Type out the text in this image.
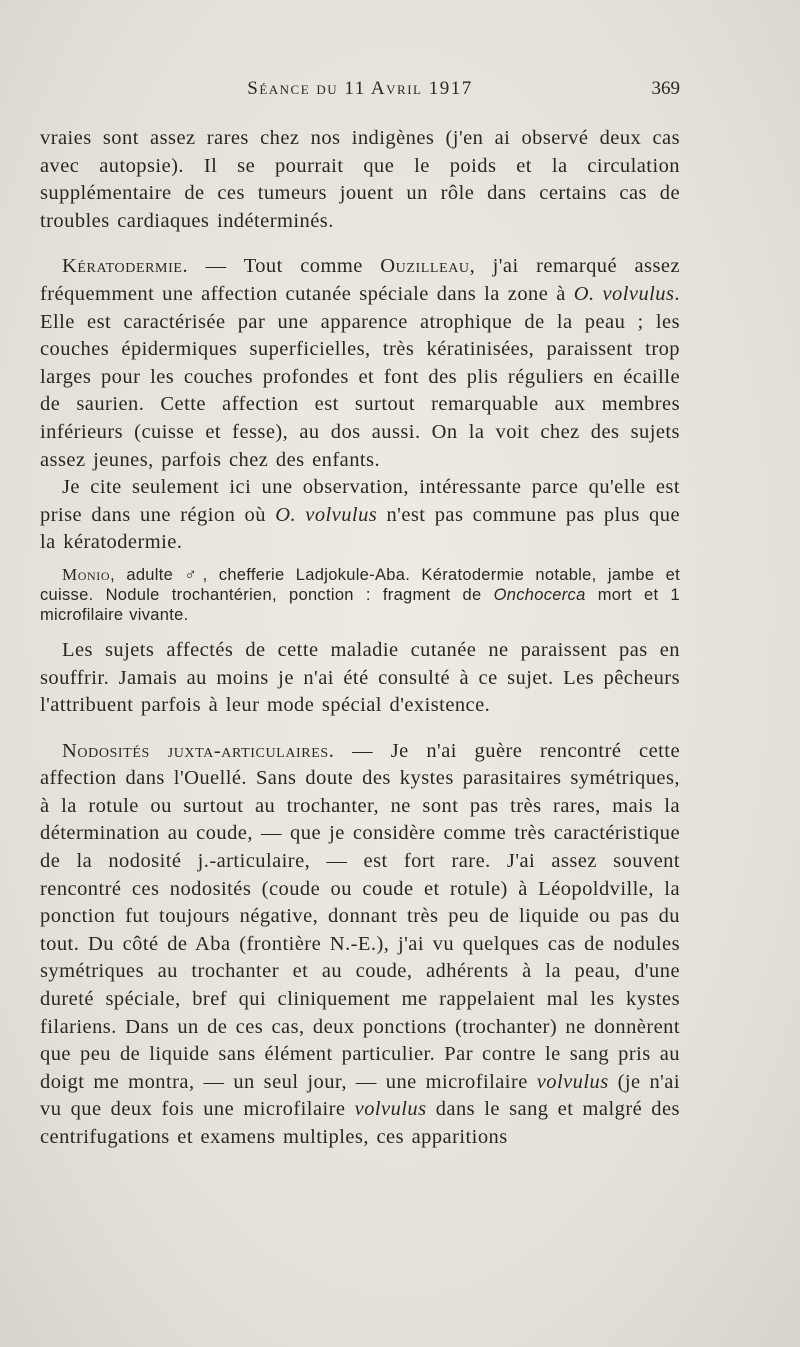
Séance du 11 Avril 1917	369

vraies sont assez rares chez nos indigènes (j'en ai observé deux cas avec autopsie). Il se pourrait que le poids et la circulation supplémentaire de ces tumeurs jouent un rôle dans certains cas de troubles cardiaques indéterminés.

Kératodermie. — Tout comme Ouzilleau, j'ai remarqué assez fréquemment une affection cutanée spéciale dans la zone à O. volvulus. Elle est caractérisée par une apparence atrophique de la peau ; les couches épidermiques superficielles, très kératinisées, paraissent trop larges pour les couches profondes et font des plis réguliers en écaille de saurien. Cette affection est surtout remarquable aux membres inférieurs (cuisse et fesse), au dos aussi. On la voit chez des sujets assez jeunes, parfois chez des enfants.

Je cite seulement ici une observation, intéressante parce qu'elle est prise dans une région où O. volvulus n'est pas commune pas plus que la kératodermie.

Monio, adulte ♂, chefferie Ladjokule-Aba. Kératodermie notable, jambe et cuisse. Nodule trochantérien, ponction : fragment de Onchocerca mort et 1 microfilaire vivante.

Les sujets affectés de cette maladie cutanée ne paraissent pas en souffrir. Jamais au moins je n'ai été consulté à ce sujet. Les pêcheurs l'attribuent parfois à leur mode spécial d'existence.

Nodosités juxta-articulaires. — Je n'ai guère rencontré cette affection dans l'Ouellé. Sans doute des kystes parasitaires symétriques, à la rotule ou surtout au trochanter, ne sont pas très rares, mais la détermination au coude, — que je considère comme très caractéristique de la nodosité j.-articulaire, — est fort rare. J'ai assez souvent rencontré ces nodosités (coude ou coude et rotule) à Léopoldville, la ponction fut toujours négative, donnant très peu de liquide ou pas du tout. Du côté de Aba (frontière N.-E.), j'ai vu quelques cas de nodules symétriques au trochanter et au coude, adhérents à la peau, d'une dureté spéciale, bref qui cliniquement me rappelaient mal les kystes filariens. Dans un de ces cas, deux ponctions (trochanter) ne donnèrent que peu de liquide sans élément particulier. Par contre le sang pris au doigt me montra, — un seul jour, — une microfilaire volvulus (je n'ai vu que deux fois une microfilaire volvulus dans le sang et malgré des centrifugations et examens multiples, ces apparitions
